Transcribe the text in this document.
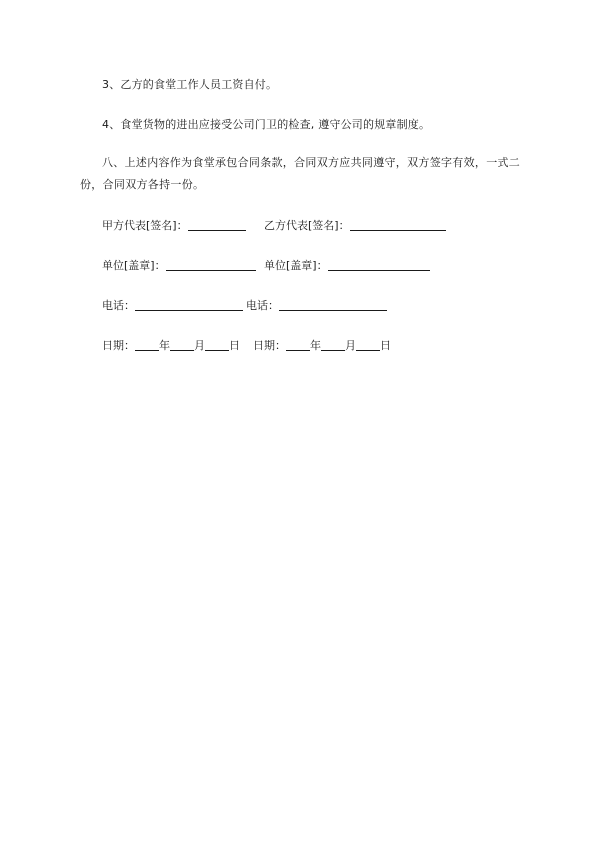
3、乙方的食堂工作人员工资自付。
4、食堂货物的进出应接受公司门卫的检查, 遵守公司的规章制度。
八、上述内容作为食堂承包合同条款，合同双方应共同遵守，双方签字有效，一式二份，合同双方各持一份。
甲方代表[签名]：	乙方代表[签名]：
单位[盖章]：	单位[盖章]：
电话：	电话：
日期： 年 月 日 日期： 年 月 日
